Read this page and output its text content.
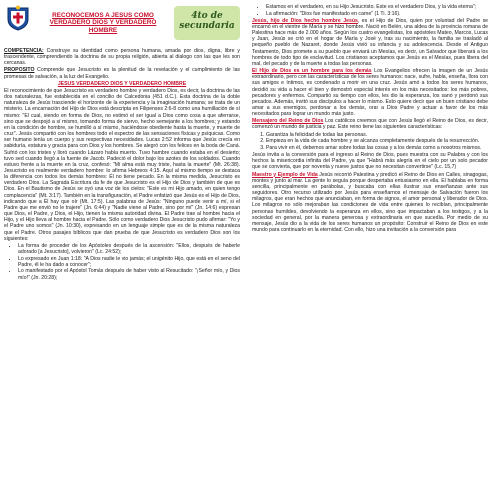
RECONOCEMOS A JESUS COMO VERDADERO DIOS Y VERDADERO HOMBRE
4to de
secundaria

COMPETENCIA: Construye su identidad como persona humana, amada por dios, digna, libre y trascendente, comprendiendo la doctrina de su propia religión, abierta al dialogo con las que les son cercanas.

PROPOSITO Comprende que Jesucristo es la plenitud de la revelación y el cumplimiento de las promesas de salvación, a la luz del Evangelio.

JESUS VERDADERO DIOS Y VERDADERO HOMBRE

El reconocimiento de que Jesucristo es verdadero hombre y verdadero Dios, es decir, la doctrina de las dos naturalezas, fue establecida en el concilio de Calcedonia (451 d.C.). Esta doctrina de la doble naturaleza de Jesús trasciende el horizonte de la experiencia y la imaginación humana; se trata de un misterio. La encarnación del Hijo de Dios está descripta en Filipenses 2:6-8 como una humillación de sí mismo: "El cual, siendo en forma de Dios, no estimó el ser igual a Dios como cosa a que aferrarse, sino que se despojó a sí mismo, tomando forma de siervo, hecho semejante a los hombres; y estando en la condición de hombre, se humilló a sí mismo, haciéndose obediente hasta la muerte, y muerte de cruz". Jesús compartió con los hombres todo el espectro de las sensaciones físicas y psíquicas. Como ser humano tenía un cuerpo y sus respectivas necesidades. Lucas 2:52 informa que Jesús crecía en sabiduría, estatura y gracia para con Dios y los hombres. Se alegró con los felices en la boda de Caná. Sufrió con los tristes y lloró cuando Lázaro había muerto. Tuvo hambre cuando estaba en el desierto; tuvo sed cuando llegó a la fuente de Jacob. Padeció el dolor bajo los azotes de los soldados. Cuando estuvo frente a la muerte en la cruz, confesó: "Mi alma está muy triste, hasta la muerte" (Mt. 26:38). Jesucristo es realmente verdadero hombre: lo afirma Hebreos 4:15. Aquí al mismo tiempo se destaca la diferencia con todos los demás hombres: Él no tiene pecado. En la misma medida, Jesucristo es verdadero Dios. La Sagrada Escritura da fe de que Jesucristo es el Hijo de Dios y también de que es Dios. En el Bautismo de Jesús se oyó una voz de los cielos: "Este es mi Hijo amado, en quien tengo complacencia" (Mt. 3:17). También en la transfiguración, el Padre enfatizó que Jesús es el Hijo de Dios, indicando que a Él hay que oír (Mt. 17:5). Las palabras de Jesús: "Ninguno puede venir a mí, si el Padre que me envió no le trajere" (Jn. 6:44) y "Nadie viene al Padre, sino por mí" (Jn. 14:6) expresan que Dios, el Padre, y Dios, el Hijo, tienen la misma autoridad divina. El Padre trae al hombre hacia el Hijo, y el Hijo lleva al hombre hacia el Padre. Sólo como verdadero Dios Jesucristo pudo afirmar: "Yo y el Padre uno somos" (Jn. 10:30), expresando en un lenguaje simple que es de la misma naturaleza que el Padre. Otros pasajes bíblicos que dan prueba de que Jesucristo es verdadero Dios son los siguientes:

• La forma de proceder de los Apóstoles después de la ascensión: "Ellos, después de haberle adorado [a Jesucristo], volvieron" (Lc. 24:52);
• Lo expresado en Juan 1:18: "A Dios nadie le vio jamás; el unigénito Hijo, que está en el seno del Padre, él le ha dado a conocer";
• Lo manifestado por el Apóstol Tomás después de haber visto al Resucitado: "¡Señor mío, y Dios mío!" (Jn. 20:28);
• Estamos en el verdadero, en su Hijo Jesucristo. Este es el verdadero Dios, y la vida eterna";
• La afirmación: "Dios fue manifestado en carne" (1 Ti. 3:16).

Jesús, hijo de Dios hecho hombre Jesús, es el Hijo de Dios, quien por voluntad del Padre se encarnó en el vientre de María y se hizo hombre. Nació en Belén, una aldea de la provincia romana de Palestina hace más de 2.000 años. Según los cuatro evangelistas, los apóstoles Mateo, Marcos, Lucas y Juan, Jesús se crió en el hogar de María y José y, tras su nacimiento, la familia se trasladó al pequeño pueblo de Nazaret, donde Jesús vivió su infancia y su adolescencia. Desde el Antiguo Testamento, Dios promete a su pueblo que enviará un Mesías, es decir, un Salvador que liberará a los hombres de todo tipo de esclavitud. Los cristianos aceptamos que Jesús es el Mesías, pues libera del mal, del pecado y de la muerte a todas las personas.

El Hijo de Dios es un hombre para los demás Los Evangelios ofrecen la imagen de un Jesús extraordinario, pero con las características de los seres humanos: nace, sufre, habla, enseña, llora con sus amigos e íntimos, es condenado a morir en una cruz. Jesús amó a todos los seres humanos, decidió su vida a hacer el bien y demostró especial interés en los más necesitados: los más pobres, pecadores y enfermos. Compartió su tiempo con ellos, les dio la esperanza, los sanó y perdonó sus pecados. Además, invitó sus discípulos a hacer lo mismo. Esto quiere decir que un buen cristiano debe amar a sus enemigos, perdonar a los demás, orar a Dios Padre y actuar a favor de los más necesitados para lograr un mundo más justo.

Mensajero del Reino de Dios Los católicos creemos que con Jesús llegó el Reino de Dios, es decir, comenzó un mundo de justicia y paz. Este reino tiene las siguientes características:

1. Garantiza la felicidad de todas las personas.
2. Empieza en la vida de cada hombre y se alcanza completamente después de la resurrección.
3. Para vivir en él, debemos amar sobre todas las cosas y a los demás como a nosotros mismos.

Jesús invita a la conversión para el ingreso al Reino de Dios, pues muestra con su Palabra y con los hechos la misericordia infinita del Padre, ya que "Habrá más alegría en el cielo por un solo pecador que se convierta, que por noventa y nueve justos que no necesitan convertirse" (Lc. 15,7)

Maestro y Ejemplo de Vida Jesús recorrió Palestina y predicó el Reino de Dios en Calles, sinagogas, montes y junto al mar. La gente lo seguía porque despertaba entusiasmo en ella. El hablaba en forma sencilla, principalmente en parábolas, y buscaba con ellas ilustrar sus enseñanzas ante sus seguidores. Otro recurso utilizado por Jesús para enseñarnos el mensaje de Salvación fueron los milagros, que eran hechos que anunciaban, en forma de signos, el amor personal y liberador de Dios. Los milagros no sólo mejoraban las condiciones de vida entre quienes lo recibían, principalmente personas humildes, devolviendo la esperanza en ellos, sino que impactaban a los testigos, y a la sociedad en general, por la manera generosa y extraordinaria en que sucedía. Por medio de su mensaje, Jesús dio a la vida de los seres humanos un propósito: Construir el Reino de Dios en este mundo para continuarlo en la eternidad. Con ello, hizo una invitación a la conversión para
